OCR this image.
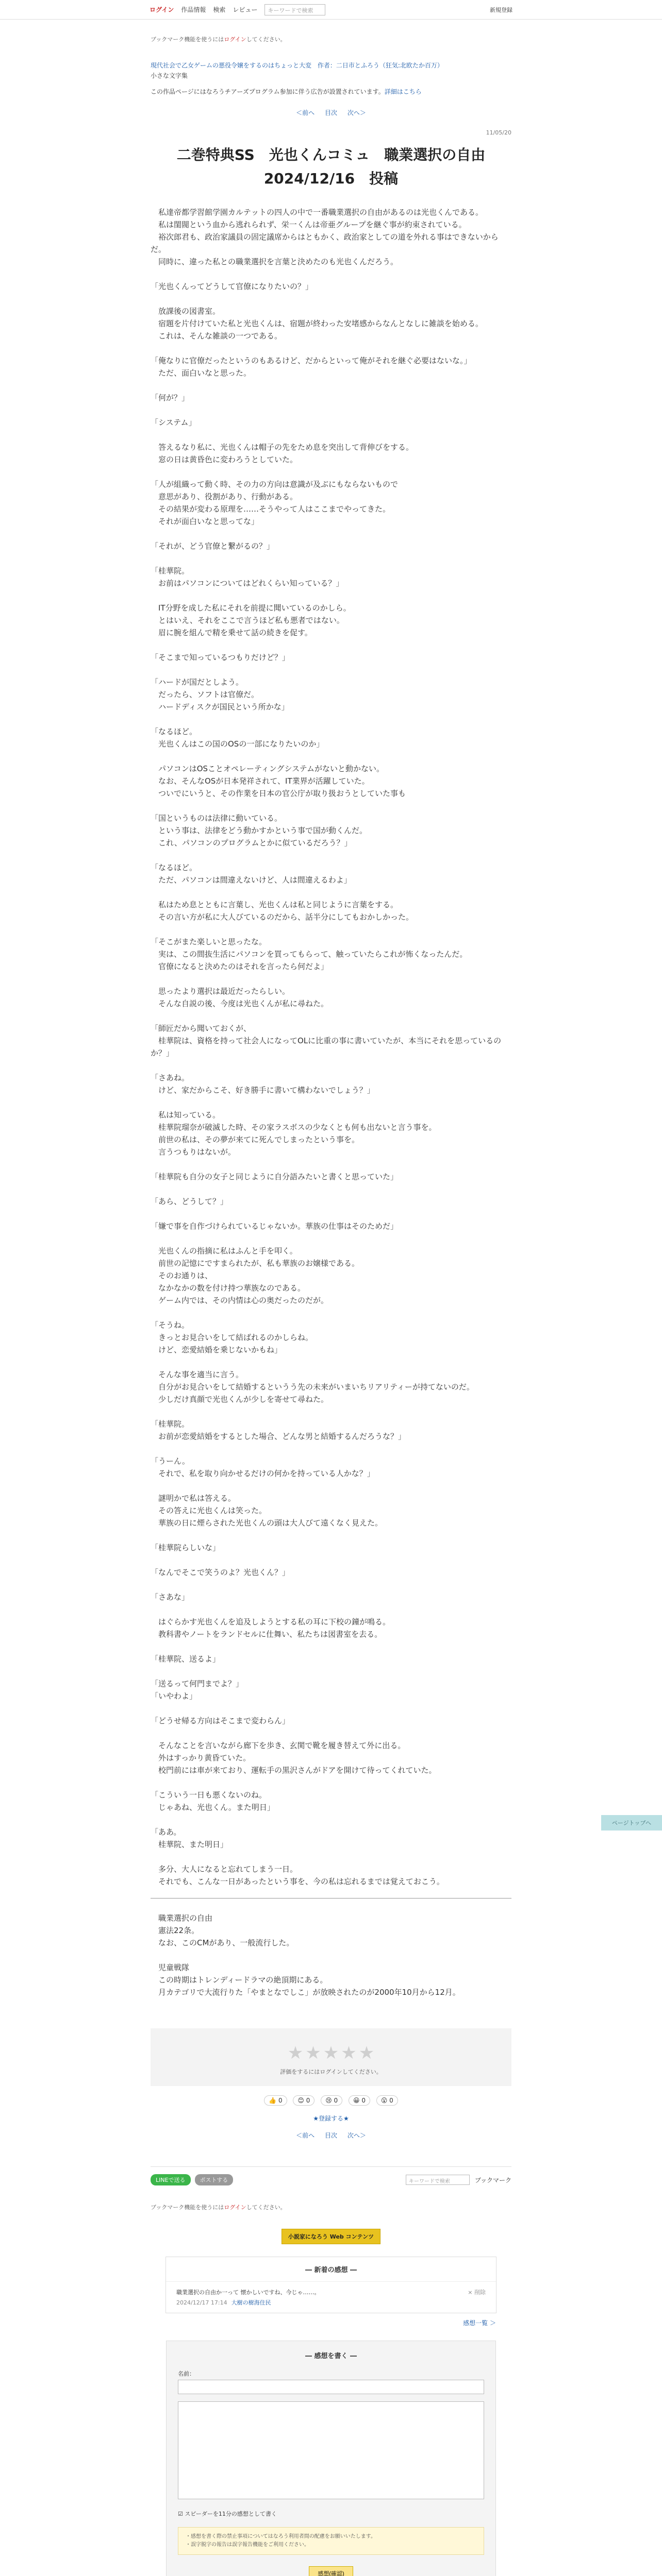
ログイン 作品情報 検索 レビュー	キーワードで検索	新規登録
ブックマーク機能を使うにはログインしてください。
現代社会で乙女ゲームの悪役令嬢をするのはちょっと大変 作者：二日市とふろう（狂気:北欧たか百万）
小さな文字集
この作品ページにはなろうチアーズプログラム参加に伴う広告が設置されています。詳細はこちら
＜前へ 目次 次へ＞
11/05/20
二巻特典SS　光也くんコミュ　職業選択の自由　2024/12/16　投稿

　私達帝都学習館学園カルテットの四人の中で一番職業選択の自由があるのは光也くんである。

　私は閨閥という血から逃れられず、栄一くんは帝亜グループを継ぐ事が約束されている。

　裕次郎君も、政治家議員の固定議席からはともかく、政治家としての道を外れる事はできないからだ。

　同時に、違った私との職業選択を言葉と決めたのも光也くんだろう。

「光也くんってどうして官僚になりたいの？」

　放課後の図書室。

　宿題を片付けていた私と光也くんは、宿題が終わった安堵感からなんとなしに雑談を始める。

　これは、そんな雑談の一つである。

「俺なりに官僚だったというのもあるけど、だからといって俺がそれを継ぐ必要はないな。」

　ただ、面白いなと思った。

「何が？」

「システム」

　答えるなり私に、光也くんは帽子の先をため息を突出して背伸びをする。

　窓の日は黄昏色に変わろうとしていた。

「人が組織って動く時、その力の方向は意識が及ぶにもならないもので

　意思があり、役割があり、行動がある。

　その結果が変わる原理を……そうやって人はここまでやってきた。

　それが面白いなと思ってな」

「それが、どう官僚と繋がるの？」

「桂華院。

　お前はパソコンについてはどれくらい知っている？」

　IT分野を成した私にそれを前提に聞いているのかしら。

　とはいえ、それをここで言うほど私も悪者ではない。

　眉に腕を組んで精を乗せて話の続きを促す。

「そこまで知っているつもりだけど？」

「ハードが国だとしよう。

　だったら、ソフトは官僚だ。

　ハードディスクが国民という所かな」

「なるほど。

　光也くんはこの国のOSの一部になりたいのか」

　パソコンはOSことオペレーティングシステムがないと動かない。

　なお、そんなOSが日本発祥されて、IT業界が活躍していた。

　ついでにいうと、その作業を日本の官公庁が取り扱おうとしていた事も

「国というものは法律に動いている。

　という事は、法律をどう動かすかという事で国が動くんだ。

　これ、パソコンのプログラムとかに似ているだろう？」

「なるほど。

　ただ、パソコンは間違えないけど、人は間違えるわよ」

　私はため息とともに言葉し、光也くんは私と同じように言葉をする。

　その言い方が私に大人びているのだから、話半分にしてもおかしかった。

「そこがまた楽しいと思ったな。

　実は、この間抜生活にパソコンを買ってもらって、触っていたらこれが怖くなったんだ。

　官僚になると決めたのはそれを言ったら何だよ」

　思ったより選択は最近だったらしい。

　そんな自説の後、今度は光也くんが私に尋ねた。

「師匠だから聞いておくが、

　桂華院は、資格を持って社会人になってOLに比重の事に書いていたが、本当にそれを思っているのか？」

「さあね。

　けど、家だからこそ、好き勝手に書いて構わないでしょう？」

　私は知っている。

　桂華院瑠奈が破滅した時、その家ラスボスの少なくとも何も出ないと言う事を。

　前世の私は、その夢が来てに死んでしまったという事を。

　言うつもりはないが。

「桂華院も自分の女子と同じように自分語みたいと書くと思っていた」

「あら、どうして？」

「嫌で事を自作づけられているじゃないか。華族の仕事はそのためだ」

　光也くんの指摘に私はふんと手を叩く。

　前世の記憶にですまられたが、私も華族のお嬢様である。

　そのお通りは、

　なかなかの数を付け持つ華族なのである。

　ゲーム内では、その内情は心の奥だったのだが。

「そうね。

　きっとお見合いをして結ばれるのかしらね。

　けど、恋愛結婚を乗じないかもね」

　そんな事を適当に言う。

　自分がお見合いをして結婚するというう先の未来がいまいちリアリティーが持てないのだ。

　少しだけ真顔で光也くんが少しを寄せて尋ねた。

「桂華院。

　お前が恋愛結婚をするとした場合、どんな男と結婚するんだろうな？」

「うーん。

　それで、私を取り向かせるだけの何かを持っている人かな？」

　謎明かで私は答える。

　その答えに光也くんは笑った。

　華族の日に煙らされた光也くんの頭は大人びて遠くなく見えた。

「桂華院らしいな」

「なんでそこで笑うのよ？光也くん？」

「さあな」

　はぐらかす光也くんを追及しようとする私の耳に下校の鐘が鳴る。

　教科書やノートをランドセルに仕舞い、私たちは図書室を去る。

「桂華院、送るよ」

「送るって何門までよ？」

「いやわよ」

「どうせ帰る方向はそこまで変わらん」

　そんなことを言いながら廊下を歩き、玄関で靴を履き替えて外に出る。

　外はすっかり黄昏ていた。

　校門前には車が来ており、運転手の黒沢さんがドアを開けて待ってくれていた。

「こういう一日も悪くないのね。

　じゃあね、光也くん。また明日」

「ああ。

　桂華院、また明日」

　多分、大人になると忘れてしまう一日。

　それでも、こんな一日があったという事を、今の私は忘れるまでは覚えておこう。

　職業選択の自由

　憲法22条。

　なお、このCMがあり、一般流行した。

　児童戦隊

　この時期はトレンディードラマの絶頂期にある。

　月カテゴリで大流行りた「やまとなでしこ」が放映されたのが2000年10月から12月。

★ ★ ★ ★ ★
評価をするにはログインしてください。
👍 0 😊 0 😢 0 😀 0 😮 0
★登録する★
＜前へ 目次 次へ＞
LINEで送る	ポストする	キーワードで検索	ブックマーク
ブックマーク機能を使うにはログインしてください。
小説家になろう Web コンテンツ
― 新着の感想 ―
× 削除
職業選択の自由か一って 懐かしいですね、今じゃ……。
2024/12/17 17:14 大樹の樹海住民
感想一覧 ＞
― 感想を書く ―
名前：
☑ スピーダーを11分の感想として書く
・感想を書く際の禁止事項についてはなろう利用者間の配慮をお願いいたします。
・誤字脱字の報告は誤字報告機能をご利用ください。
感想(確認)
ページトップへ
